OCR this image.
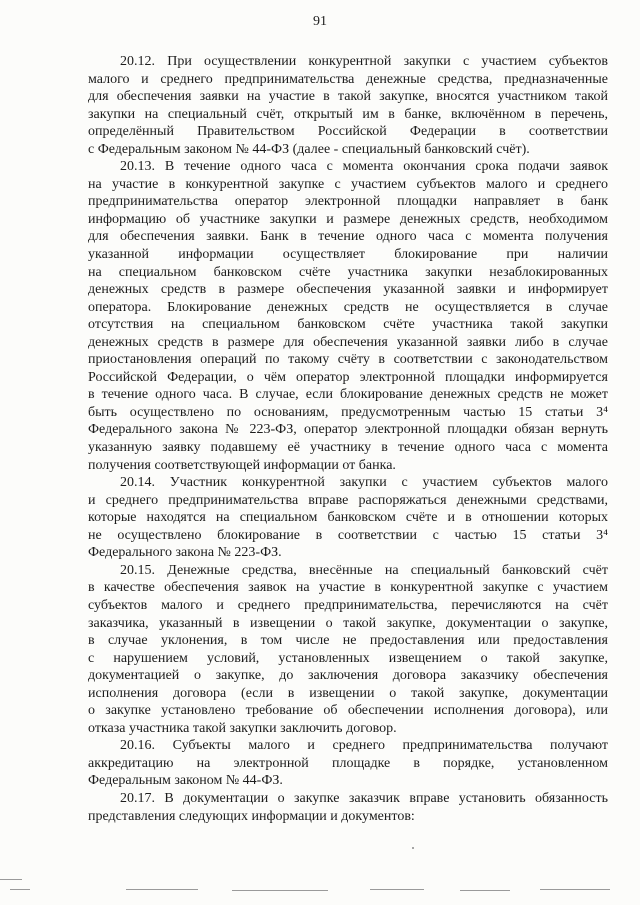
91
20.12. При осуществлении конкурентной закупки с участием субъектов
малого и среднего предпринимательства денежные средства, предназначенные
для обеспечения заявки на участие в такой закупке, вносятся участником такой
закупки на специальный счёт, открытый им в банке, включённом в перечень,
определённый Правительством Российской Федерации в соответствии
с Федеральным законом № 44-ФЗ (далее - специальный банковский счёт).
20.13. В течение одного часа с момента окончания срока подачи заявок
на участие в конкурентной закупке с участием субъектов малого и среднего
предпринимательства оператор электронной площадки направляет в банк
информацию об участнике закупки и размере денежных средств, необходимом
для обеспечения заявки. Банк в течение одного часа с момента получения
указанной информации осуществляет блокирование при наличии
на специальном банковском счёте участника закупки незаблокированных
денежных средств в размере обеспечения указанной заявки и информирует
оператора. Блокирование денежных средств не осуществляется в случае
отсутствия на специальном банковском счёте участника такой закупки
денежных средств в размере для обеспечения указанной заявки либо в случае
приостановления операций по такому счёту в соответствии с законодательством
Российской Федерации, о чём оператор электронной площадки информируется
в течение одного часа. В случае, если блокирование денежных средств не может
быть осуществлено по основаниям, предусмотренным частью 15 статьи 3⁴
Федерального закона № 223-ФЗ, оператор электронной площадки обязан вернуть
указанную заявку подавшему её участнику в течение одного часа с момента
получения соответствующей информации от банка.
20.14. Участник конкурентной закупки с участием субъектов малого
и среднего предпринимательства вправе распоряжаться денежными средствами,
которые находятся на специальном банковском счёте и в отношении которых
не осуществлено блокирование в соответствии с частью 15 статьи 3⁴
Федерального закона № 223-ФЗ.
20.15. Денежные средства, внесённые на специальный банковский счёт
в качестве обеспечения заявок на участие в конкурентной закупке с участием
субъектов малого и среднего предпринимательства, перечисляются на счёт
заказчика, указанный в извещении о такой закупке, документации о закупке,
в случае уклонения, в том числе не предоставления или предоставления
с нарушением условий, установленных извещением о такой закупке,
документацией о закупке, до заключения договора заказчику обеспечения
исполнения договора (если в извещении о такой закупке, документации
о закупке установлено требование об обеспечении исполнения договора), или
отказа участника такой закупки заключить договор.
20.16. Субъекты малого и среднего предпринимательства получают
аккредитацию на электронной площадке в порядке, установленном
Федеральным законом № 44-ФЗ.
20.17. В документации о закупке заказчик вправе установить обязанность
представления следующих информации и документов:
